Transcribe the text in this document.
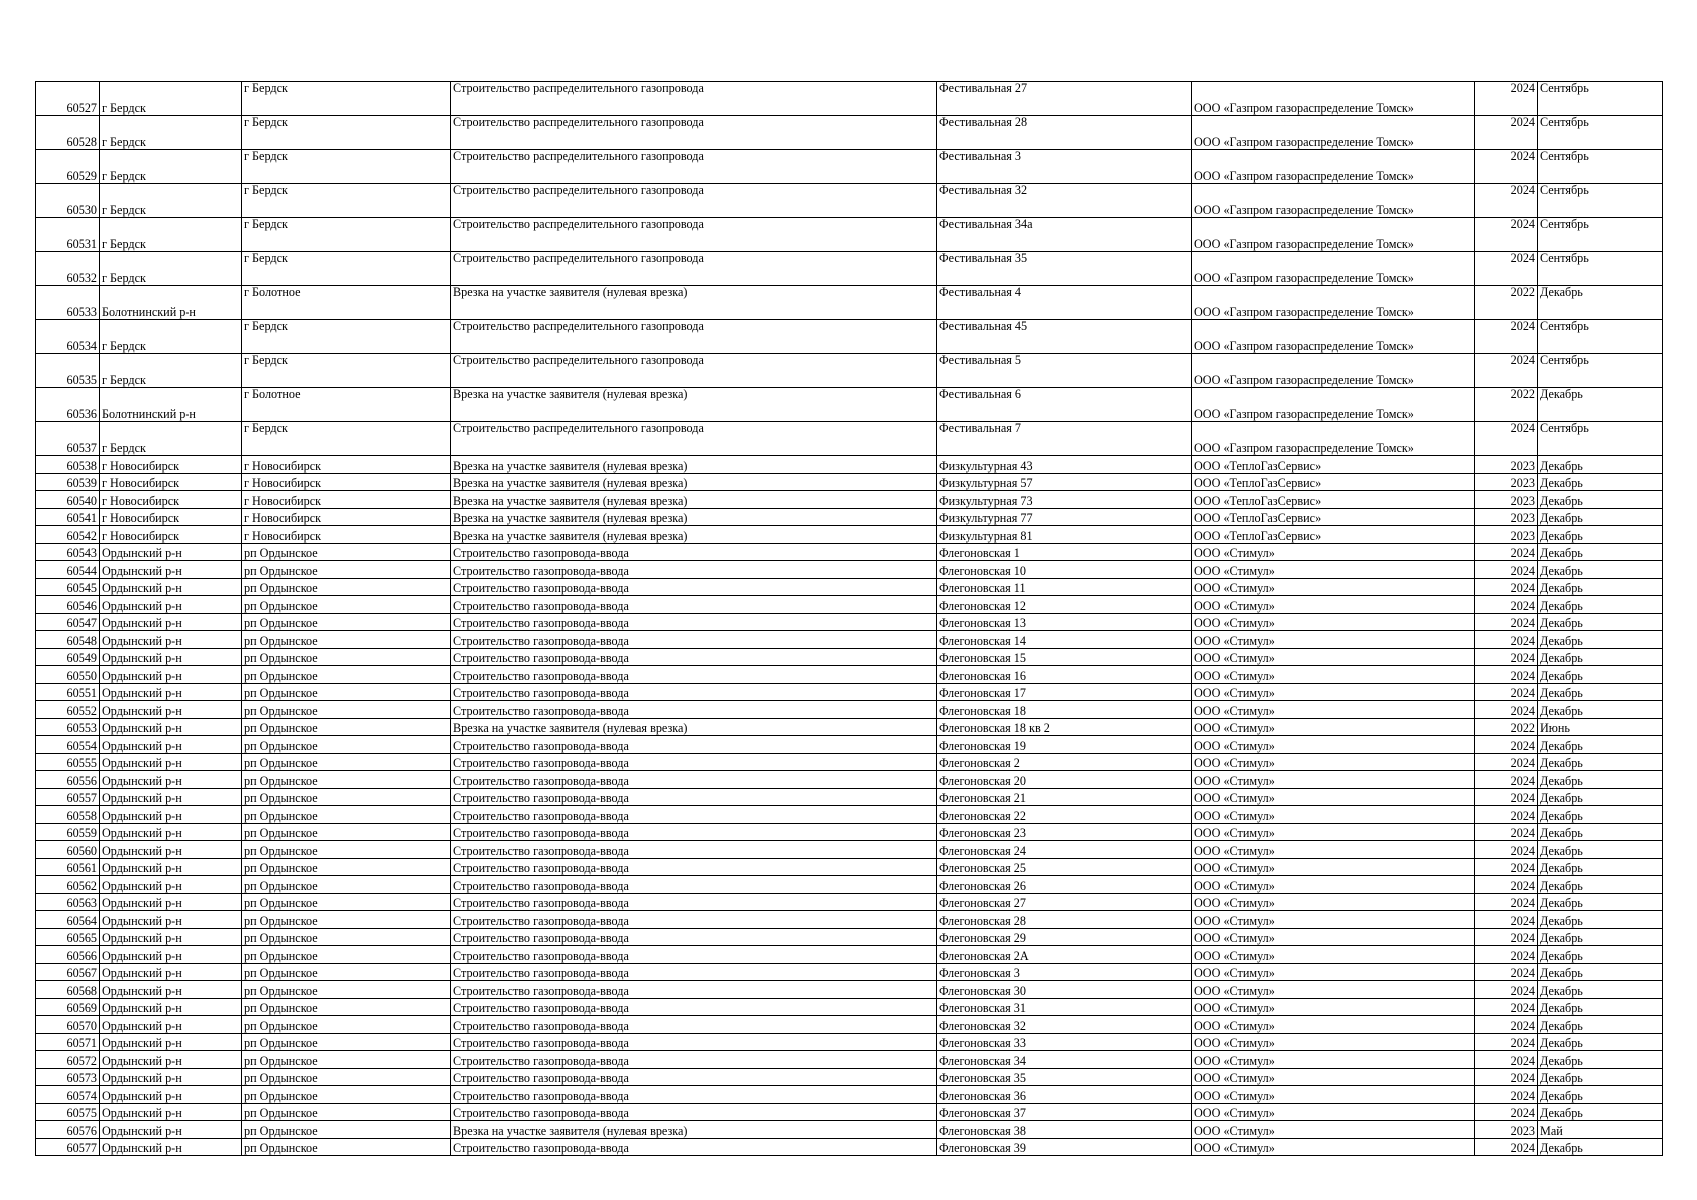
60527	г Бердск	г Бердск	Строительство распределительного газопровода	Фестивальная 27	ООО «Газпром газораспределение Томск»	2024	Сентябрь
60528	г Бердск	г Бердск	Строительство распределительного газопровода	Фестивальная 28	ООО «Газпром газораспределение Томск»	2024	Сентябрь
60529	г Бердск	г Бердск	Строительство распределительного газопровода	Фестивальная 3	ООО «Газпром газораспределение Томск»	2024	Сентябрь
60530	г Бердск	г Бердск	Строительство распределительного газопровода	Фестивальная 32	ООО «Газпром газораспределение Томск»	2024	Сентябрь
60531	г Бердск	г Бердск	Строительство распределительного газопровода	Фестивальная 34а	ООО «Газпром газораспределение Томск»	2024	Сентябрь
60532	г Бердск	г Бердск	Строительство распределительного газопровода	Фестивальная 35	ООО «Газпром газораспределение Томск»	2024	Сентябрь
60533	Болотнинский р-н	г Болотное	Врезка на участке заявителя (нулевая врезка)	Фестивальная 4	ООО «Газпром газораспределение Томск»	2022	Декабрь
60534	г Бердск	г Бердск	Строительство распределительного газопровода	Фестивальная 45	ООО «Газпром газораспределение Томск»	2024	Сентябрь
60535	г Бердск	г Бердск	Строительство распределительного газопровода	Фестивальная 5	ООО «Газпром газораспределение Томск»	2024	Сентябрь
60536	Болотнинский р-н	г Болотное	Врезка на участке заявителя (нулевая врезка)	Фестивальная 6	ООО «Газпром газораспределение Томск»	2022	Декабрь
60537	г Бердск	г Бердск	Строительство распределительного газопровода	Фестивальная 7	ООО «Газпром газораспределение Томск»	2024	Сентябрь
60538	г Новосибирск	г Новосибирск	Врезка на участке заявителя (нулевая врезка)	Физкультурная 43	ООО «ТеплоГазСервис»	2023	Декабрь
60539	г Новосибирск	г Новосибирск	Врезка на участке заявителя (нулевая врезка)	Физкультурная 57	ООО «ТеплоГазСервис»	2023	Декабрь
60540	г Новосибирск	г Новосибирск	Врезка на участке заявителя (нулевая врезка)	Физкультурная 73	ООО «ТеплоГазСервис»	2023	Декабрь
60541	г Новосибирск	г Новосибирск	Врезка на участке заявителя (нулевая врезка)	Физкультурная 77	ООО «ТеплоГазСервис»	2023	Декабрь
60542	г Новосибирск	г Новосибирск	Врезка на участке заявителя (нулевая врезка)	Физкультурная 81	ООО «ТеплоГазСервис»	2023	Декабрь
60543	Ордынский р-н	рп Ордынское	Строительство газопровода-ввода	Флегоновская 1	ООО «Стимул»	2024	Декабрь
60544	Ордынский р-н	рп Ордынское	Строительство газопровода-ввода	Флегоновская 10	ООО «Стимул»	2024	Декабрь
60545	Ордынский р-н	рп Ордынское	Строительство газопровода-ввода	Флегоновская 11	ООО «Стимул»	2024	Декабрь
60546	Ордынский р-н	рп Ордынское	Строительство газопровода-ввода	Флегоновская 12	ООО «Стимул»	2024	Декабрь
60547	Ордынский р-н	рп Ордынское	Строительство газопровода-ввода	Флегоновская 13	ООО «Стимул»	2024	Декабрь
60548	Ордынский р-н	рп Ордынское	Строительство газопровода-ввода	Флегоновская 14	ООО «Стимул»	2024	Декабрь
60549	Ордынский р-н	рп Ордынское	Строительство газопровода-ввода	Флегоновская 15	ООО «Стимул»	2024	Декабрь
60550	Ордынский р-н	рп Ордынское	Строительство газопровода-ввода	Флегоновская 16	ООО «Стимул»	2024	Декабрь
60551	Ордынский р-н	рп Ордынское	Строительство газопровода-ввода	Флегоновская 17	ООО «Стимул»	2024	Декабрь
60552	Ордынский р-н	рп Ордынское	Строительство газопровода-ввода	Флегоновская 18	ООО «Стимул»	2024	Декабрь
60553	Ордынский р-н	рп Ордынское	Врезка на участке заявителя (нулевая врезка)	Флегоновская 18 кв 2	ООО «Стимул»	2022	Июнь
60554	Ордынский р-н	рп Ордынское	Строительство газопровода-ввода	Флегоновская 19	ООО «Стимул»	2024	Декабрь
60555	Ордынский р-н	рп Ордынское	Строительство газопровода-ввода	Флегоновская 2	ООО «Стимул»	2024	Декабрь
60556	Ордынский р-н	рп Ордынское	Строительство газопровода-ввода	Флегоновская 20	ООО «Стимул»	2024	Декабрь
60557	Ордынский р-н	рп Ордынское	Строительство газопровода-ввода	Флегоновская 21	ООО «Стимул»	2024	Декабрь
60558	Ордынский р-н	рп Ордынское	Строительство газопровода-ввода	Флегоновская 22	ООО «Стимул»	2024	Декабрь
60559	Ордынский р-н	рп Ордынское	Строительство газопровода-ввода	Флегоновская 23	ООО «Стимул»	2024	Декабрь
60560	Ордынский р-н	рп Ордынское	Строительство газопровода-ввода	Флегоновская 24	ООО «Стимул»	2024	Декабрь
60561	Ордынский р-н	рп Ордынское	Строительство газопровода-ввода	Флегоновская 25	ООО «Стимул»	2024	Декабрь
60562	Ордынский р-н	рп Ордынское	Строительство газопровода-ввода	Флегоновская 26	ООО «Стимул»	2024	Декабрь
60563	Ордынский р-н	рп Ордынское	Строительство газопровода-ввода	Флегоновская 27	ООО «Стимул»	2024	Декабрь
60564	Ордынский р-н	рп Ордынское	Строительство газопровода-ввода	Флегоновская 28	ООО «Стимул»	2024	Декабрь
60565	Ордынский р-н	рп Ордынское	Строительство газопровода-ввода	Флегоновская 29	ООО «Стимул»	2024	Декабрь
60566	Ордынский р-н	рп Ордынское	Строительство газопровода-ввода	Флегоновская 2А	ООО «Стимул»	2024	Декабрь
60567	Ордынский р-н	рп Ордынское	Строительство газопровода-ввода	Флегоновская 3	ООО «Стимул»	2024	Декабрь
60568	Ордынский р-н	рп Ордынское	Строительство газопровода-ввода	Флегоновская 30	ООО «Стимул»	2024	Декабрь
60569	Ордынский р-н	рп Ордынское	Строительство газопровода-ввода	Флегоновская 31	ООО «Стимул»	2024	Декабрь
60570	Ордынский р-н	рп Ордынское	Строительство газопровода-ввода	Флегоновская 32	ООО «Стимул»	2024	Декабрь
60571	Ордынский р-н	рп Ордынское	Строительство газопровода-ввода	Флегоновская 33	ООО «Стимул»	2024	Декабрь
60572	Ордынский р-н	рп Ордынское	Строительство газопровода-ввода	Флегоновская 34	ООО «Стимул»	2024	Декабрь
60573	Ордынский р-н	рп Ордынское	Строительство газопровода-ввода	Флегоновская 35	ООО «Стимул»	2024	Декабрь
60574	Ордынский р-н	рп Ордынское	Строительство газопровода-ввода	Флегоновская 36	ООО «Стимул»	2024	Декабрь
60575	Ордынский р-н	рп Ордынское	Строительство газопровода-ввода	Флегоновская 37	ООО «Стимул»	2024	Декабрь
60576	Ордынский р-н	рп Ордынское	Врезка на участке заявителя (нулевая врезка)	Флегоновская 38	ООО «Стимул»	2023	Май
60577	Ордынский р-н	рп Ордынское	Строительство газопровода-ввода	Флегоновская 39	ООО «Стимул»	2024	Декабрь
